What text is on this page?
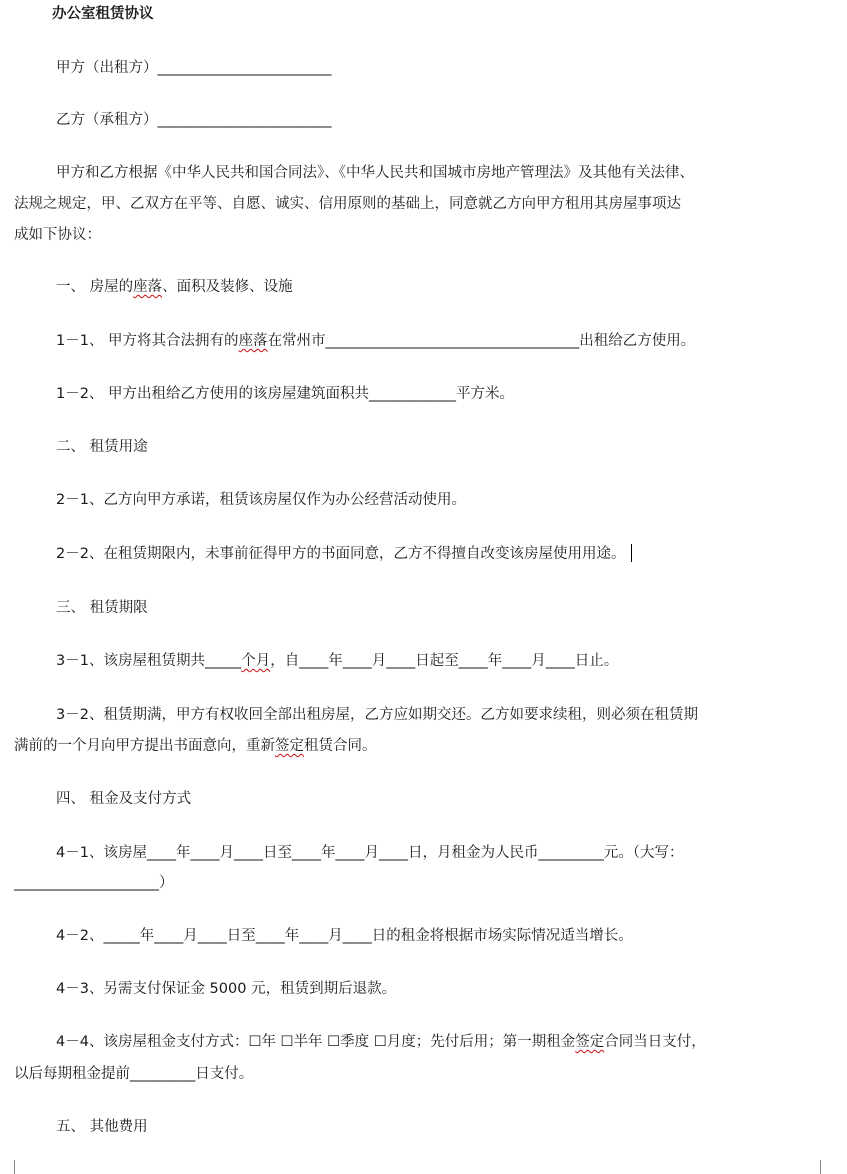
办公室租赁协议
甲方（出租方）________________________
乙方（承租方）________________________
甲方和乙方根据《中华人民共和国合同法》、《中华人民共和国城市房地产管理法》及其他有关法律、
法规之规定，甲、乙双方在平等、自愿、诚实、信用原则的基础上，同意就乙方向甲方租用其房屋事项达
成如下协议：
一、 房屋的座落、面积及装修、设施
1－1、 甲方将其合法拥有的座落在常州市___________________________________出租给乙方使用。
1－2、 甲方出租给乙方使用的该房屋建筑面积共____________平方米。
二、 租赁用途
2－1、乙方向甲方承诺，租赁该房屋仅作为办公经营活动使用。
2－2、在租赁期限内，未事前征得甲方的书面同意，乙方不得擅自改变该房屋使用用途。
三、 租赁期限
3－1、该房屋租赁期共_____个月，自____年____月____日起至____年____月____日止。
3－2、租赁期满，甲方有权收回全部出租房屋，乙方应如期交还。乙方如要求续租，则必须在租赁期
满前的一个月向甲方提出书面意向，重新签定租赁合同。
四、 租金及支付方式
4－1、该房屋____年____月____日至____年____月____日，月租金为人民币_________元。（大写：
____________________）
4－2、_____年____月____日至____年____月____日的租金将根据市场实际情况适当增长。
4－3、另需支付保证金 5000 元，租赁到期后退款。
4－4、该房屋租金支付方式：☐年 ☐半年 ☐季度 ☐月度；先付后用；第一期租金签定合同当日支付，
以后每期租金提前_________日支付。
五、 其他费用
